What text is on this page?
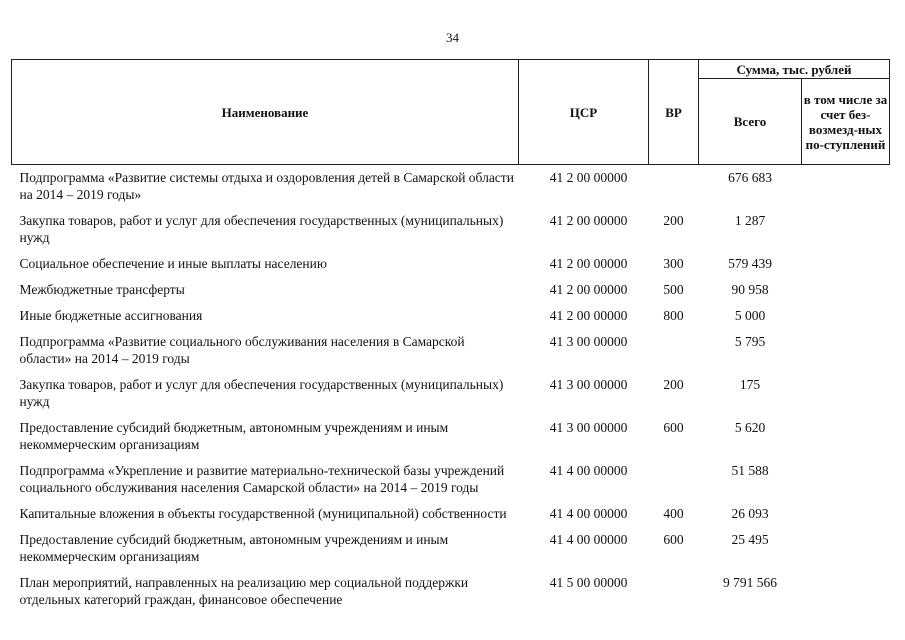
34
Наименование	ЦСР	ВР	Сумма, тыс. рублей	
			Всего	в том числе за счет без-возмезд-ных по-ступлений
Подпрограмма «Развитие системы отдыха и оздоровления детей в Самарской области на 2014 – 2019 годы»	41 2 00 00000		676 683	
Закупка товаров, работ и услуг для обеспечения государственных (муниципальных) нужд	41 2 00 00000	200	1 287	
Социальное обеспечение и иные выплаты населению	41 2 00 00000	300	579 439	
Межбюджетные трансферты	41 2 00 00000	500	90 958	
Иные бюджетные ассигнования	41 2 00 00000	800	5 000	
Подпрограмма «Развитие социального обслуживания населения в Самарской области» на 2014 – 2019 годы	41 3 00 00000		5 795	
Закупка товаров, работ и услуг для обеспечения государственных (муниципальных) нужд	41 3 00 00000	200	175	
Предоставление субсидий бюджетным, автономным учреждениям и иным некоммерческим организациям	41 3 00 00000	600	5 620	
Подпрограмма «Укрепление и развитие материально-технической базы учреждений социального обслуживания населения Самарской области» на 2014 – 2019 годы	41 4 00 00000		51 588	
Капитальные вложения в объекты государственной (муниципальной) собственности	41 4 00 00000	400	26 093	
Предоставление субсидий бюджетным, автономным учреждениям и иным некоммерческим организациям	41 4 00 00000	600	25 495	
План мероприятий, направленных на реализацию мер социальной поддержки отдельных категорий граждан, финансовое обеспечение	41 5 00 00000		9 791 566	
